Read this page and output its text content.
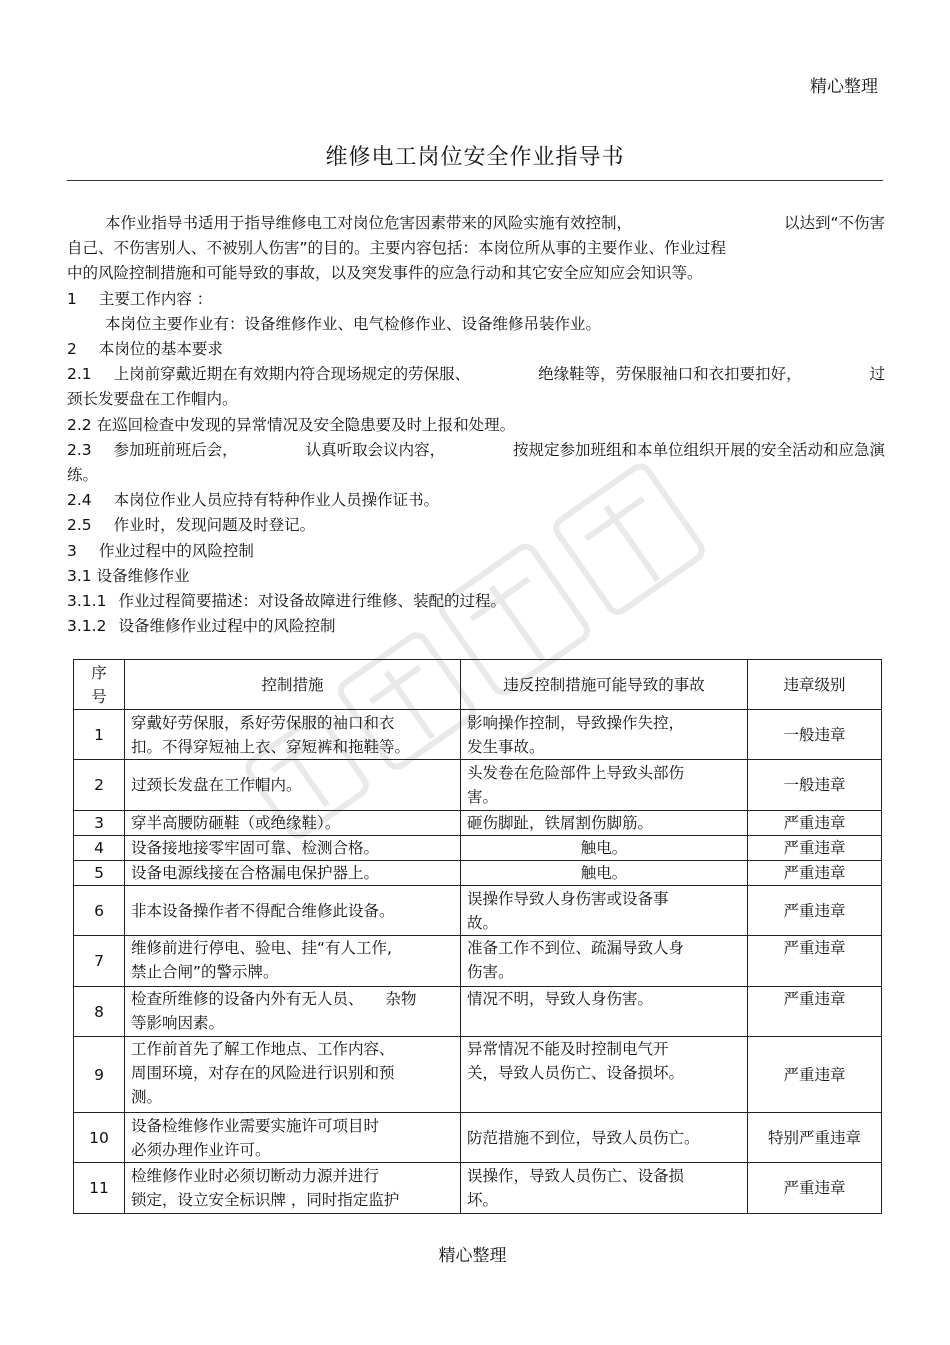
精心整理
维修电工岗位安全作业指导书

本作业指导书适用于指导维修电工对岗位危害因素带来的风险实施有效控制，	以达到“不伤害

自己、不伤害别人、不被别人伤害”的目的。主要内容包括：本岗位所从事的主要作业、作业过程

中的风险控制措施和可能导致的事故，以及突发事件的应急行动和其它安全应知应会知识等。

1 主要工作内容 ：

本岗位主要作业有：设备维修作业、电气检修作业、设备维修吊装作业。

2 本岗位的基本要求

2.1 上岗前穿戴近期在有效期内符合现场规定的劳保服、	绝缘鞋等，劳保服袖口和衣扣要扣好，	过

颈长发要盘在工作帽内。

2.2 在巡回检查中发现的异常情况及安全隐患要及时上报和处理。

2.3 参加班前班后会，	认真听取会议内容，	按规定参加班组和本单位组织开展的安全活动和应急演

练。

2.4 本岗位作业人员应持有特种作业人员操作证书。

2.5 作业时，发现问题及时登记。

3 作业过程中的风险控制

3.1 设备维修作业

3.1.1 作业过程简要描述：对设备故障进行维修、装配的过程。

3.1.2 设备维修作业过程中的风险控制

序
号	控制措施	违反控制措施可能导致的事故	违章级别
1	穿戴好劳保服，系好劳保服的袖口和衣
扣。不得穿短袖上衣、穿短裤和拖鞋等。	影响操作控制，导致操作失控，
发生事故。	一般违章
2	过颈长发盘在工作帽内。	头发卷在危险部件上导致头部伤
害。	一般违章
3	穿半高腰防砸鞋（或绝缘鞋）。	砸伤脚趾，铁屑割伤脚筋。	严重违章
4	设备接地接零牢固可靠、检测合格。	触电。	严重违章
5	设备电源线接在合格漏电保护器上。	触电。	严重违章
6	非本设备操作者不得配合维修此设备。	误操作导致人身伤害或设备事
故。	严重违章
7	维修前进行停电、验电、挂“有人工作,
禁止合闸”的警示牌。	准备工作不到位、疏漏导致人身
伤害。	严重违章
8	检查所维修的设备内外有无人员、 杂物
等影响因素。	情况不明，导致人身伤害。	严重违章
9	工作前首先了解工作地点、工作内容、
周围环境，对存在的风险进行识别和预
测。	异常情况不能及时控制电气开
关，导致人员伤亡、设备损坏。	严重违章
10	设备检维修作业需要实施许可项目时
必须办理作业许可。	防范措施不到位，导致人员伤亡。	特别严重违章
11	检维修作业时必须切断动力源并进行
锁定，设立安全标识牌 ，同时指定监护	误操作，导致人员伤亡、设备损
坏。	严重违章
精心整理
